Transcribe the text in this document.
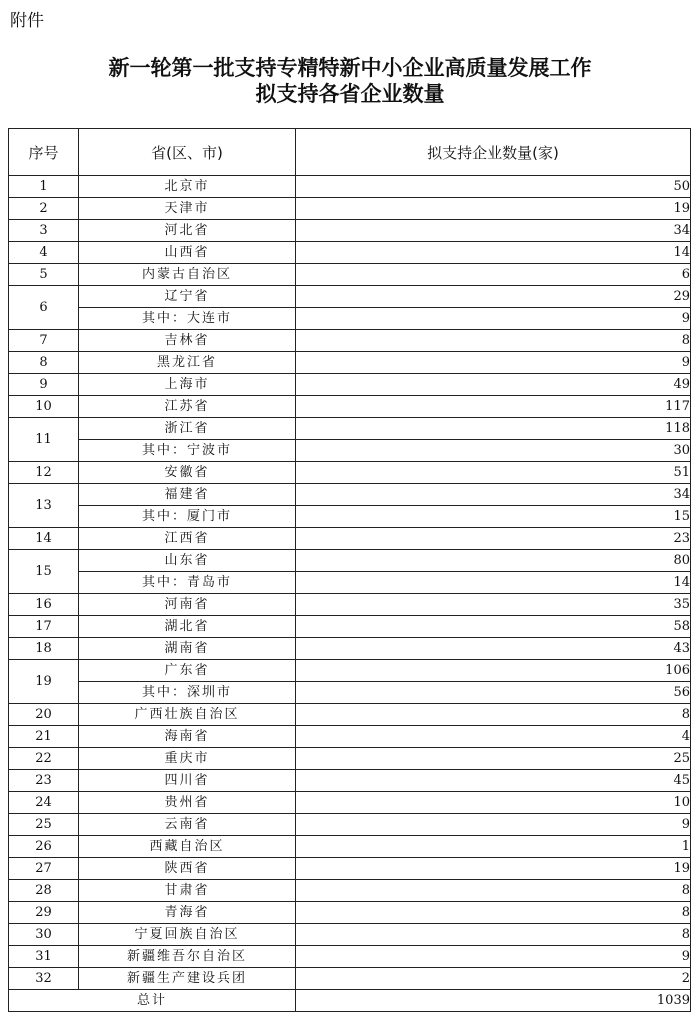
附件
新一轮第一批支持专精特新中小企业高质量发展工作
拟支持各省企业数量
序号	省(区、市)	拟支持企业数量(家)
1	北京市	50
2	天津市	19
3	河北省	34
4	山西省	14
5	内蒙古自治区	6
6	辽宁省	29
	其中：大连市	9
7	吉林省	8
8	黑龙江省	9
9	上海市	49
10	江苏省	117
11	浙江省	118
	其中：宁波市	30
12	安徽省	51
13	福建省	34
	其中：厦门市	15
14	江西省	23
15	山东省	80
	其中：青岛市	14
16	河南省	35
17	湖北省	58
18	湖南省	43
19	广东省	106
	其中：深圳市	56
20	广西壮族自治区	8
21	海南省	4
22	重庆市	25
23	四川省	45
24	贵州省	10
25	云南省	9
26	西藏自治区	1
27	陕西省	19
28	甘肃省	8
29	青海省	8
30	宁夏回族自治区	8
31	新疆维吾尔自治区	9
32	新疆生产建设兵团	2
总计		1039
